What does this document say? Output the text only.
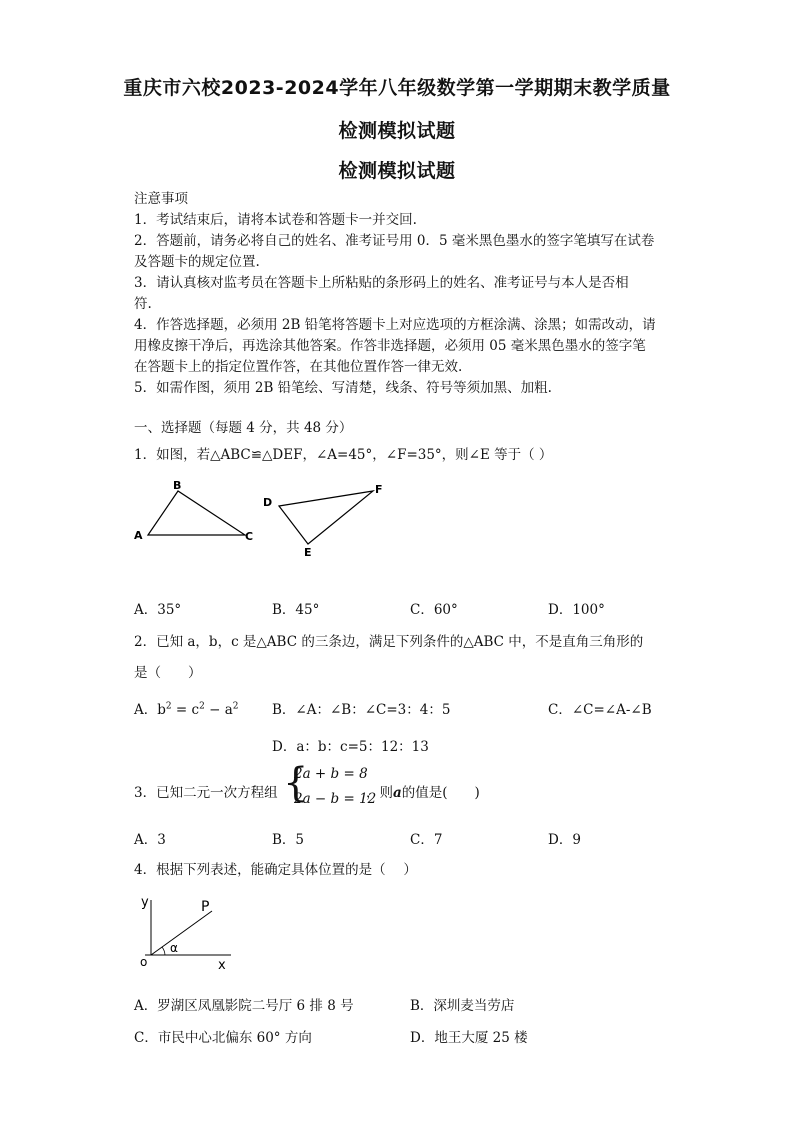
重庆市六校2023-2024学年八年级数学第一学期期末教学质量
检测模拟试题
检测模拟试题
注意事项
1．考试结束后，请将本试卷和答题卡一并交回.
2．答题前，请务必将自己的姓名、准考证号用 0．5 毫米黑色墨水的签字笔填写在试卷
及答题卡的规定位置.
3．请认真核对监考员在答题卡上所粘贴的条形码上的姓名、准考证号与本人是否相
符.
4．作答选择题，必须用 2B 铅笔将答题卡上对应选项的方框涂满、涂黑；如需改动，请
用橡皮擦干净后，再选涂其他答案。作答非选择题，必须用 05 毫米黑色墨水的签字笔
在答题卡上的指定位置作答，在其他位置作答一律无效.
5．如需作图，须用 2B 铅笔绘、写清楚，线条、符号等须加黑、加粗.
一、选择题（每题 4 分，共 48 分）
1．如图，若△ABC≌△DEF，∠A=45°，∠F=35°，则∠E 等于（ ）
A
B
C
D
E
F
A．35°	B．45°	C．60°	D．100°
2．已知 a，b，c 是△ABC 的三条边，满足下列条件的△ABC 中，不是直角三角形的
是（　　）
A．$b^2 = c^2 - a^2$ B．∠A：∠B：∠C=3：4：5	C．∠C=∠A-∠B
D．a：b：c=5：12：13
3．已知二元一次方程组 {
2a + b = 8
2a − b = 12
，则a的值是(　　)
A．3	B．5	C．7	D．9
4．根据下列表述，能确定具体位置的是（　 ）
y
x
o
P
α
A．罗湖区凤凰影院二号厅 6 排 8 号	B．深圳麦当劳店
C．市民中心北偏东 60° 方向	D．地王大厦 25 楼
